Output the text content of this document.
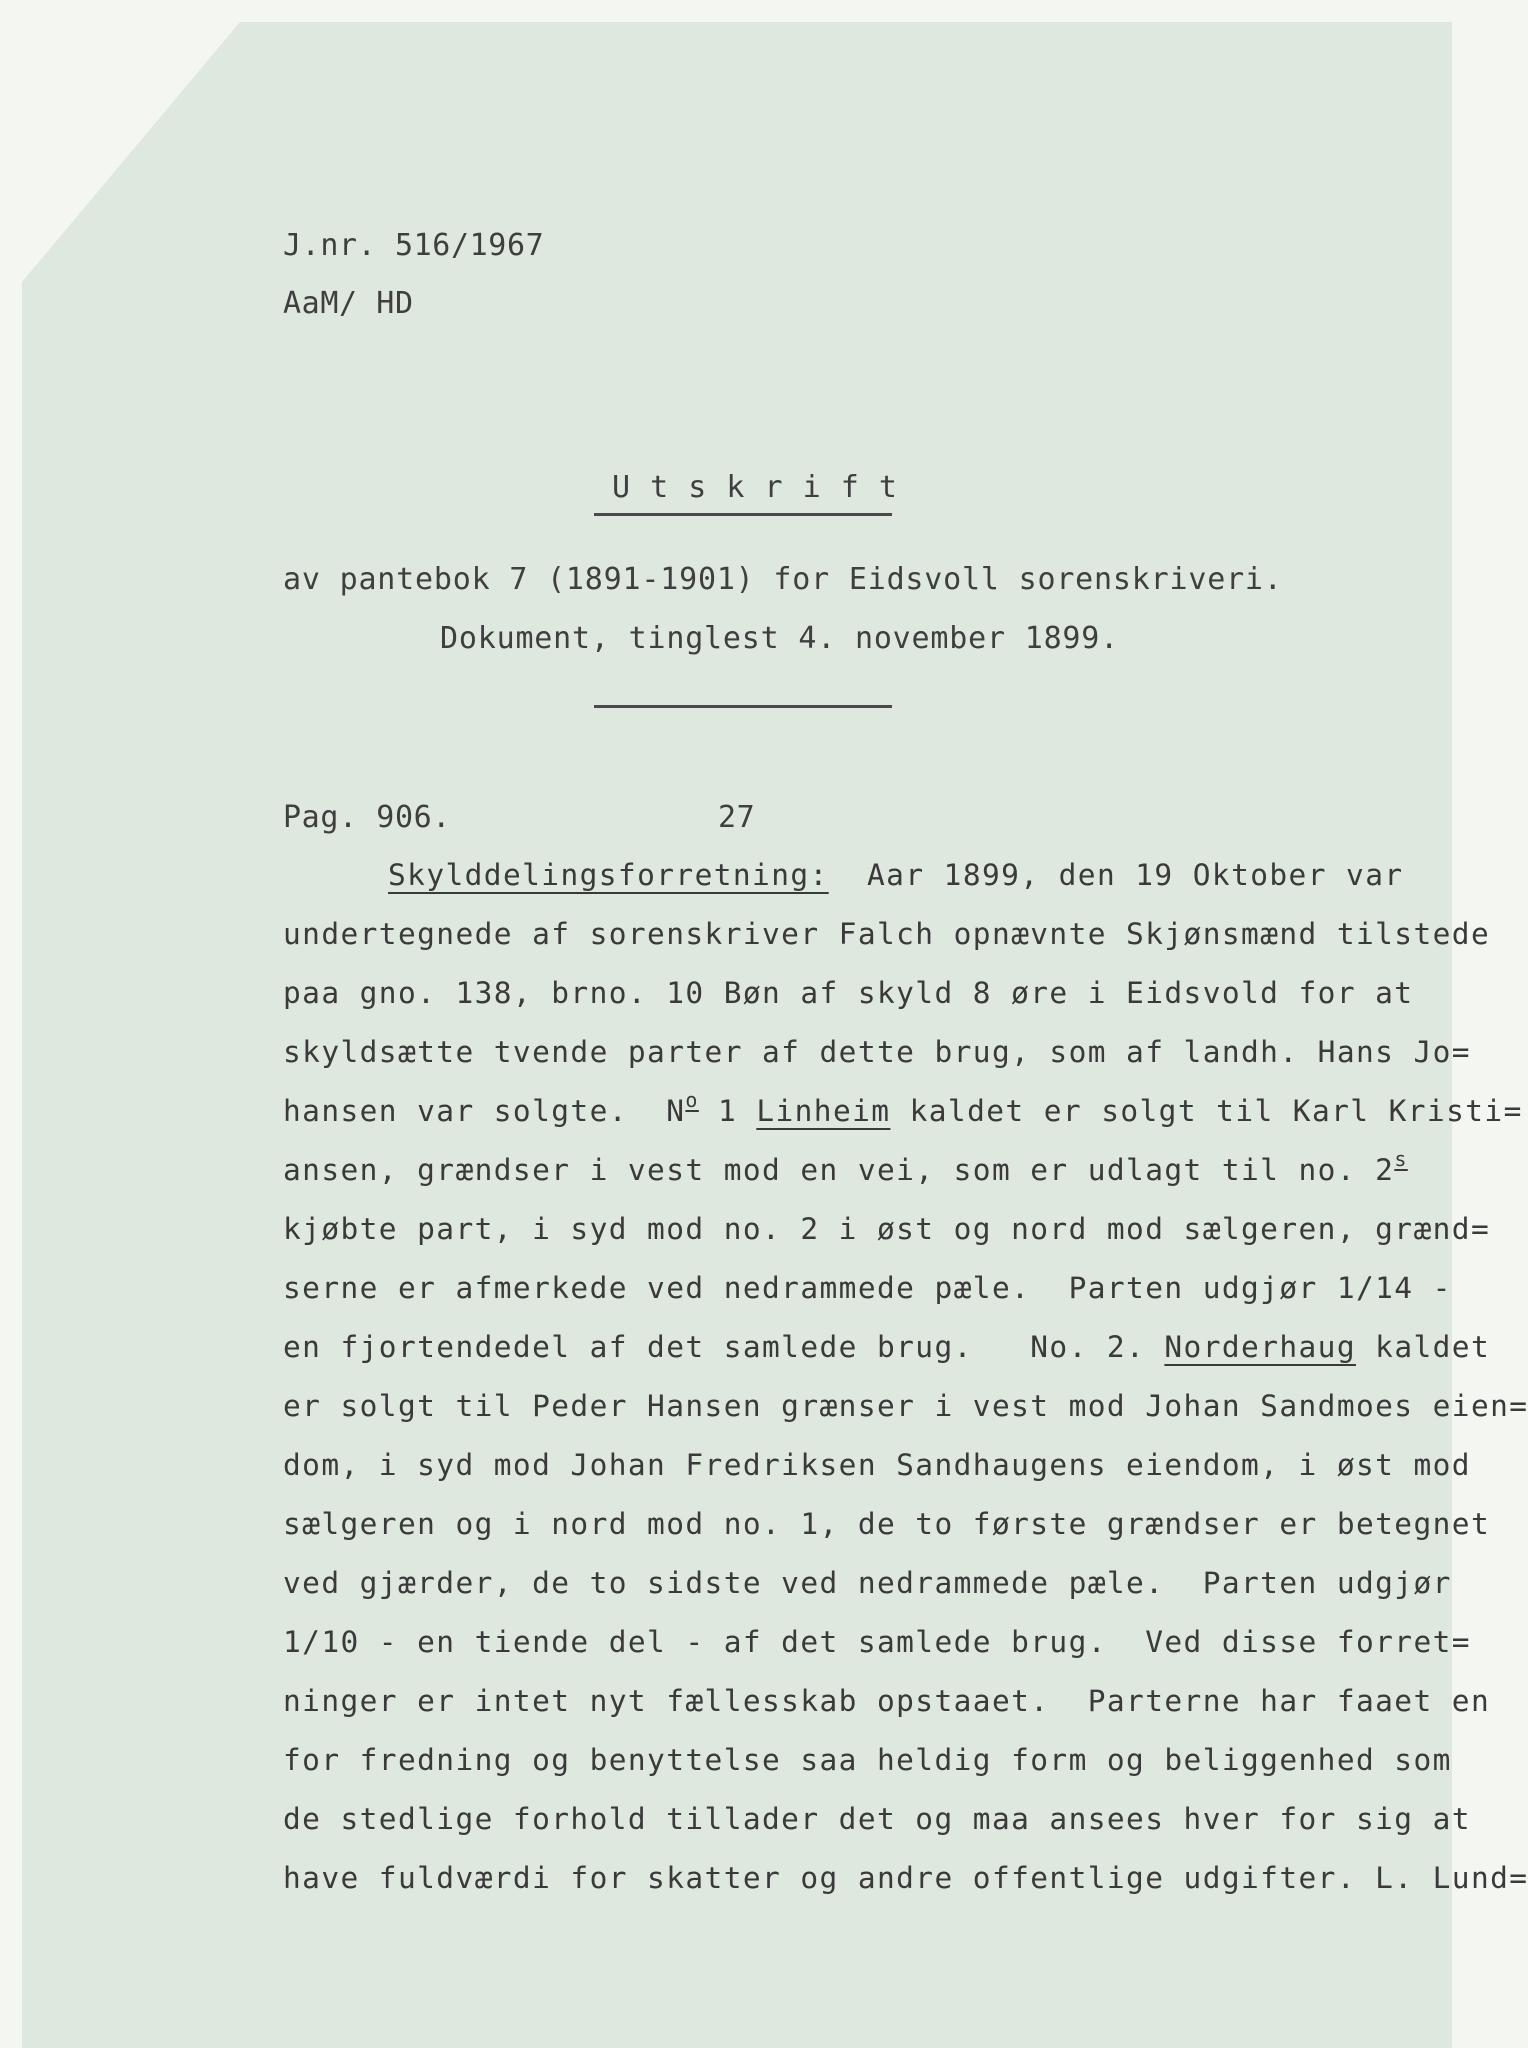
J.nr. 516/1967
AaM/ HD
U t s k r i f t
av pantebok 7 (1891-1901) for Eidsvoll sorenskriveri.
Dokument, tinglest 4. november 1899.
Pag. 906.	27
Skylddelingsforretning:  Aar 1899, den 19 Oktober var
undertegnede af sorenskriver Falch opnævnte Skjønsmænd tilstede
paa gno. 138, brno. 10 Bøn af skyld 8 øre i Eidsvold for at
skyldsætte tvende parter af dette brug, som af landh. Hans Jo=
hansen var solgte.  $N^o$ 1 Linheim kaldet er solgt til Karl Kristi=
ansen, grændser i vest mod en vei, som er udlagt til no. 2$^s$
kjøbte part, i syd mod no. 2 i øst og nord mod sælgeren, grænd=
serne er afmerkede ved nedrammede pæle.  Parten udgjør 1/14 -
en fjortendedel af det samlede brug.   No. 2. Norderhaug kaldet
er solgt til Peder Hansen grænser i vest mod Johan Sandmoes eien=
dom, i syd mod Johan Fredriksen Sandhaugens eiendom, i øst mod
sælgeren og i nord mod no. 1, de to første grændser er betegnet
ved gjærder, de to sidste ved nedrammede pæle.  Parten udgjør
1/10 - en tiende del - af det samlede brug.  Ved disse forret=
ninger er intet nyt fællesskab opstaaet.  Parterne har faaet en
for fredning og benyttelse saa heldig form og beliggenhed som
de stedlige forhold tillader det og maa ansees hver for sig at
have fuldværdi for skatter og andre offentlige udgifter. L. Lund=
